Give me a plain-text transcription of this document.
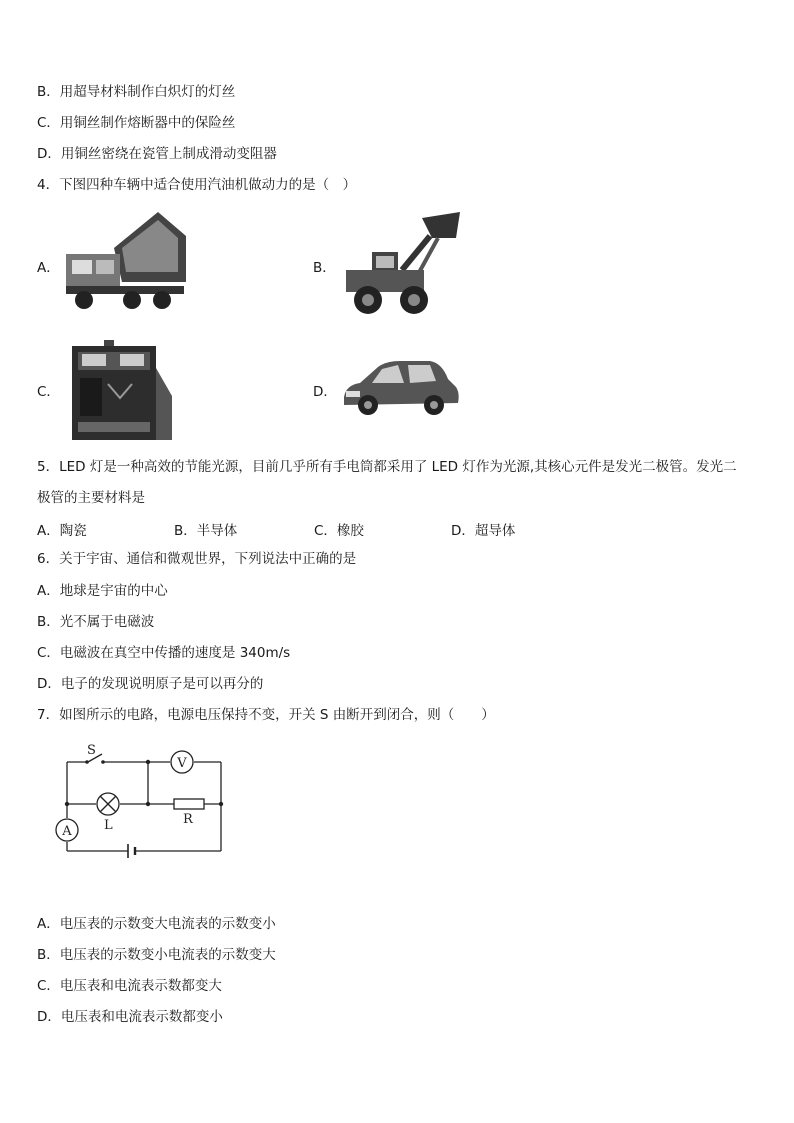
B．用超导材料制作白炽灯的灯丝
C．用铜丝制作熔断器中的保险丝
D．用铜丝密绕在瓷管上制成滑动变阻器
4．下图四种车辆中适合使用汽油机做动力的是（　）
A．	B．
C．	D．
5．LED 灯是一种高效的节能光源，目前几乎所有手电筒都采用了 LED 灯作为光源,其核心元件是发光二极管。发光二
极管的主要材料是
A．陶瓷	B．半导体	C．橡胶	D．超导体
6．关于宇宙、通信和微观世界，下列说法中正确的是
A．地球是宇宙的中心
B．光不属于电磁波
C．电磁波在真空中传播的速度是 340m/s
D．电子的发现说明原子是可以再分的
7．如图所示的电路，电源电压保持不变，开关 S 由断开到闭合，则（　　）
S
V
A L	R
A．电压表的示数变大电流表的示数变小
B．电压表的示数变小电流表的示数变大
C．电压表和电流表示数都变大
D．电压表和电流表示数都变小
